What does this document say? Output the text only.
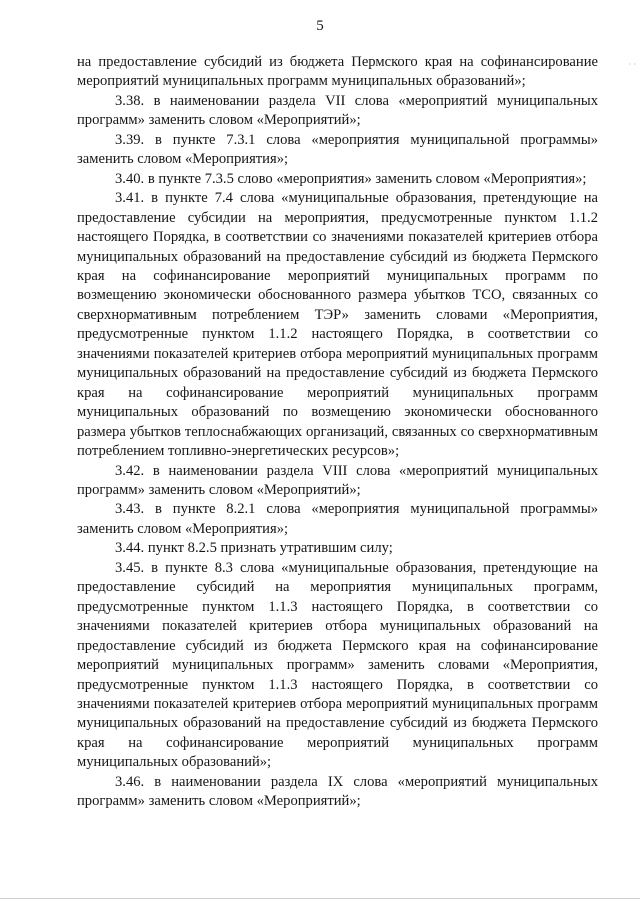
5
· ·

на предоставление субсидий из бюджета Пермского края на софинансирование мероприятий муниципальных программ муниципальных образований»;

3.38. в наименовании раздела VII слова «мероприятий муниципальных программ» заменить словом «Мероприятий»;

3.39. в пункте 7.3.1 слова «мероприятия муниципальной программы» заменить словом «Мероприятия»;

3.40. в пункте 7.3.5 слово «мероприятия» заменить словом «Мероприятия»;

3.41. в пункте 7.4 слова «муниципальные образования, претендующие на предоставление субсидии на мероприятия, предусмотренные пунктом 1.1.2 настоящего Порядка, в соответствии со значениями показателей критериев отбора муниципальных образований на предоставление субсидий из бюджета Пермского края на софинансирование мероприятий муниципальных программ по возмещению экономически обоснованного размера убытков ТСО, связанных со сверхнормативным потреблением ТЭР» заменить словами «Мероприятия, предусмотренные пунктом 1.1.2 настоящего Порядка, в соответствии со значениями показателей критериев отбора мероприятий муниципальных программ муниципальных образований на предоставление субсидий из бюджета Пермского края на софинансирование мероприятий муниципальных программ муниципальных образований по возмещению экономически обоснованного размера убытков теплоснабжающих организаций, связанных со сверхнормативным потреблением топливно-энергетических ресурсов»;

3.42. в наименовании раздела VIII слова «мероприятий муниципальных программ» заменить словом «Мероприятий»;

3.43. в пункте 8.2.1 слова «мероприятия муниципальной программы» заменить словом «Мероприятия»;

3.44. пункт 8.2.5 признать утратившим силу;

3.45. в пункте 8.3 слова «муниципальные образования, претендующие на предоставление субсидий на мероприятия муниципальных программ, предусмотренные пунктом 1.1.3 настоящего Порядка, в соответствии со значениями показателей критериев отбора муниципальных образований на предоставление субсидий из бюджета Пермского края на софинансирование мероприятий муниципальных программ» заменить словами «Мероприятия, предусмотренные пунктом 1.1.3 настоящего Порядка, в соответствии со значениями показателей критериев отбора мероприятий муниципальных программ муниципальных образований на предоставление субсидий из бюджета Пермского края на софинансирование мероприятий муниципальных программ муниципальных образований»;

3.46. в наименовании раздела IX слова «мероприятий муниципальных программ» заменить словом «Мероприятий»;
